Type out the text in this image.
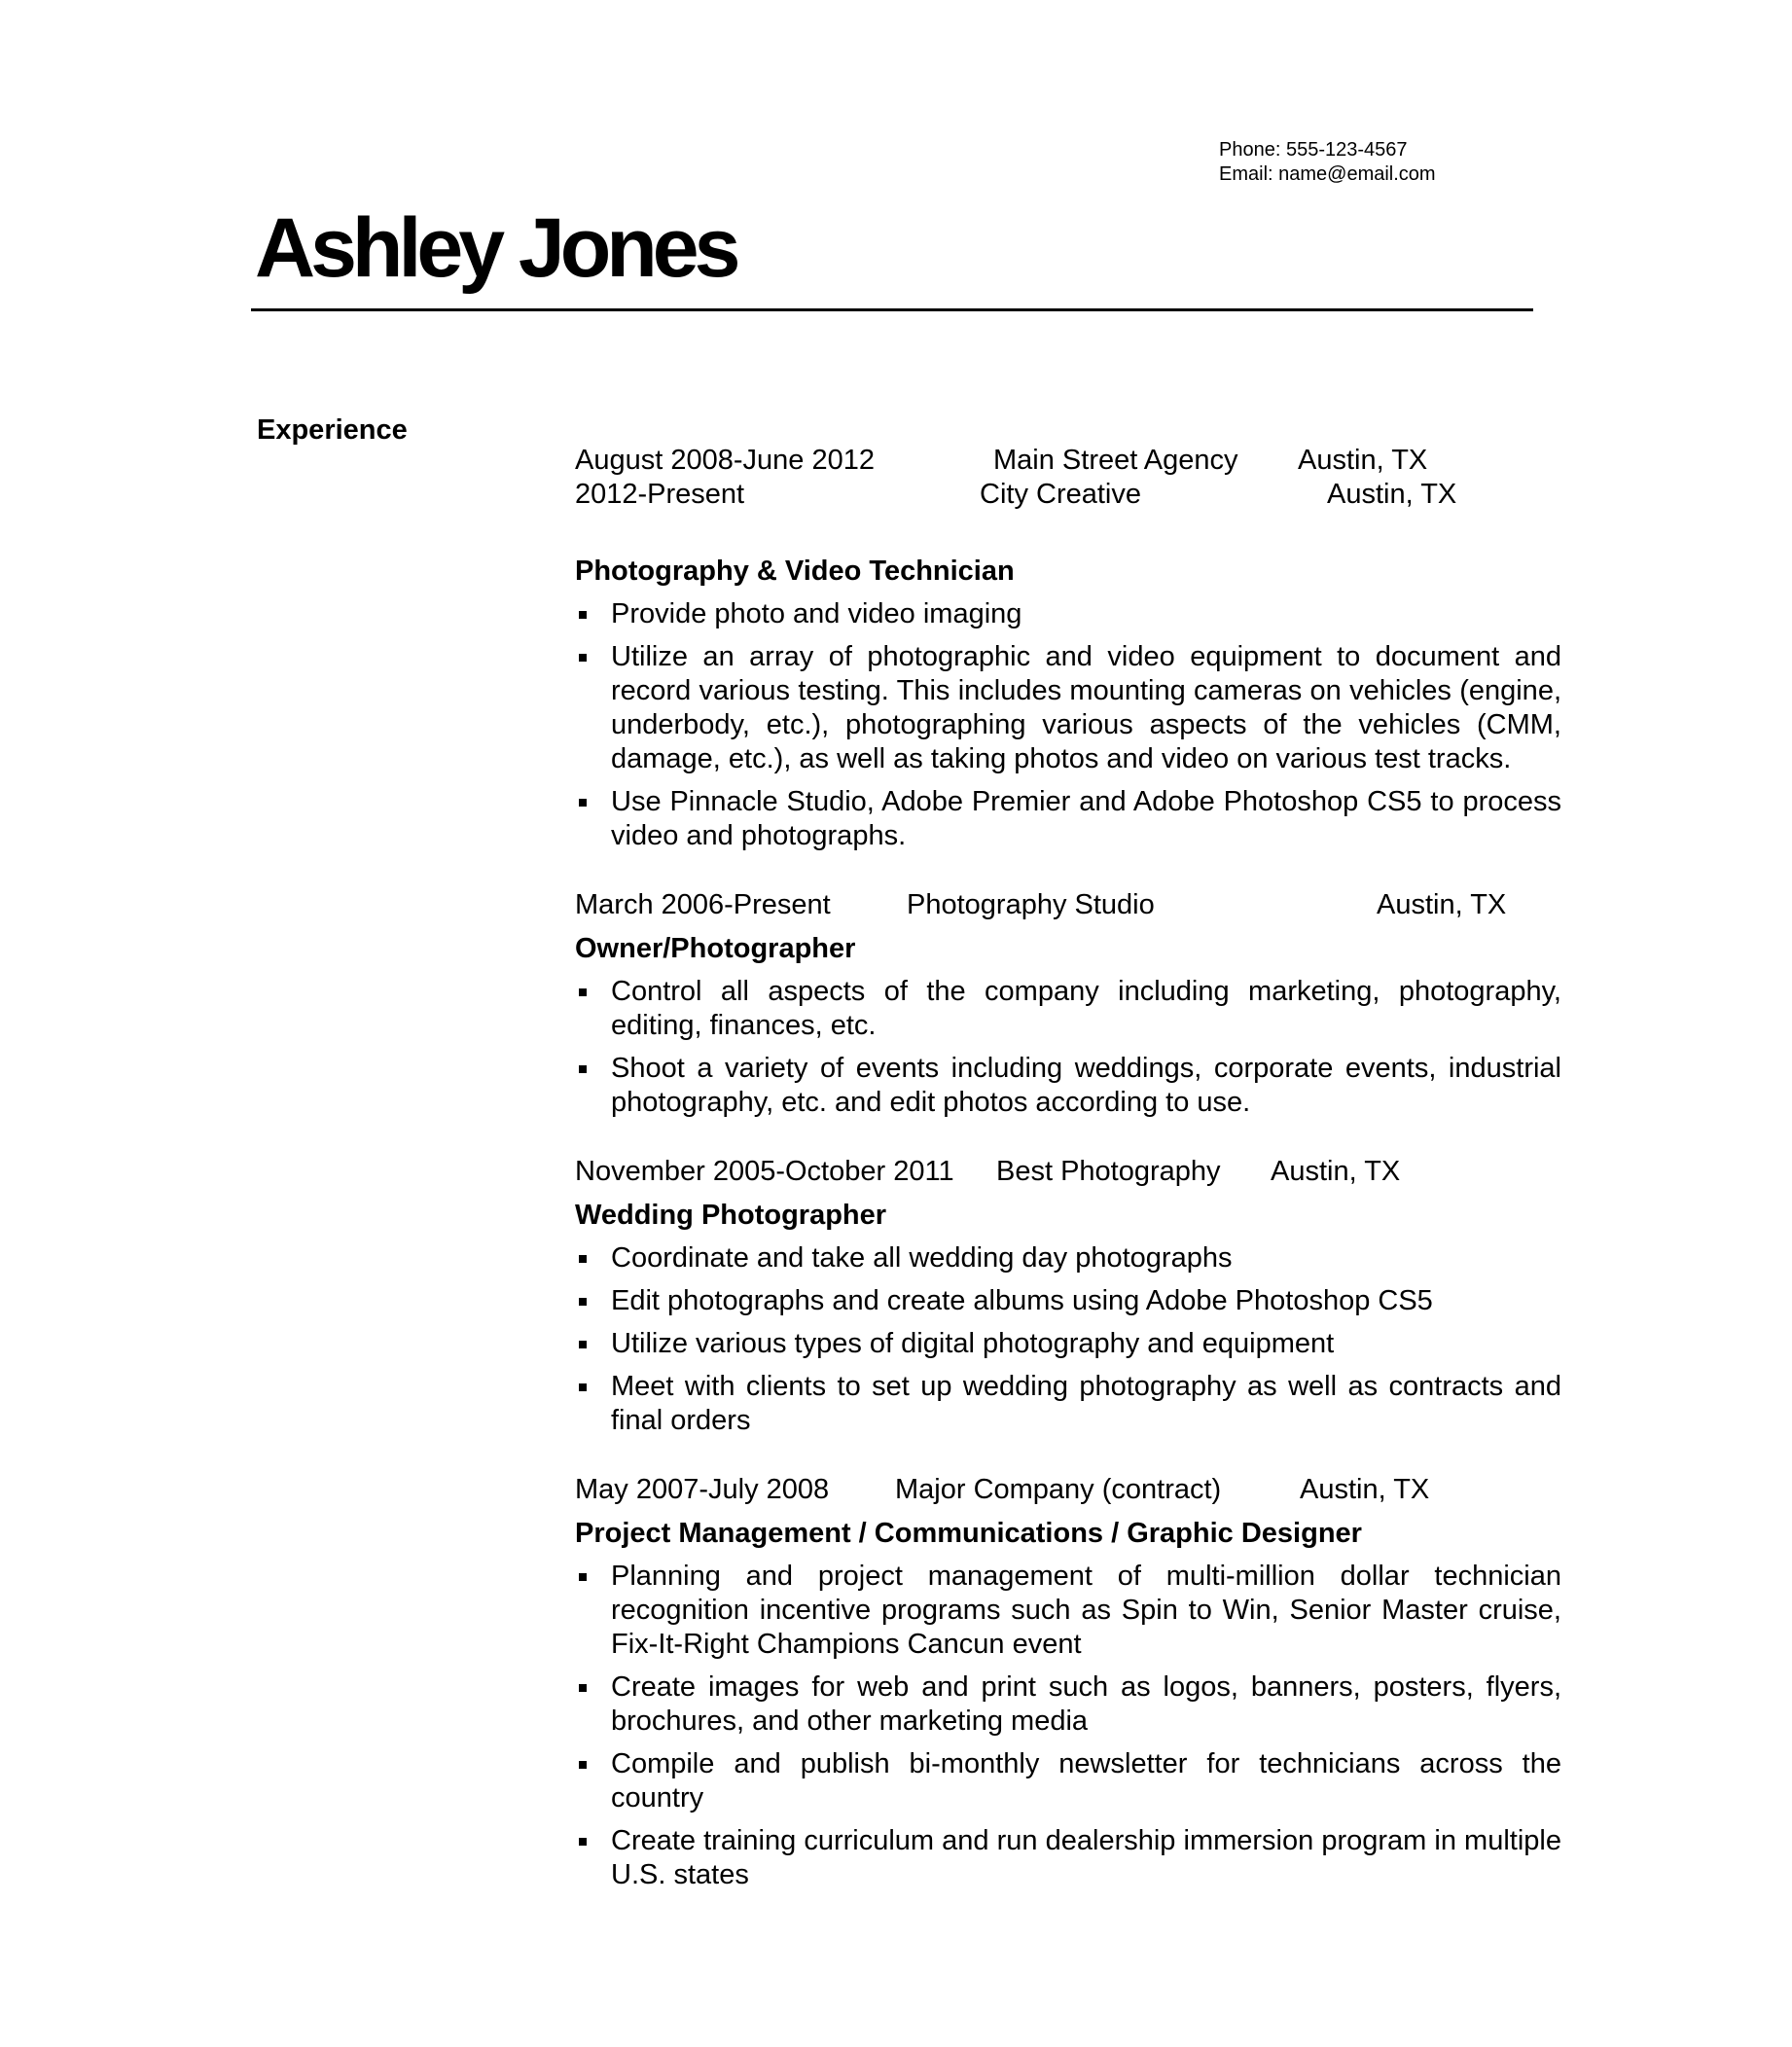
Phone: 555-123-4567
Email: name@email.com
Ashley Jones
Experience
August 2008-June 2012	Main Street Agency Austin, TX
2012-Present	City Creative	Austin, TX
Photography & Video Technician
Provide photo and video imaging
Utilize an array of photographic and video equipment to document and record various testing. This includes mounting cameras on vehicles (engine, underbody, etc.), photographing various aspects of the vehicles (CMM, damage, etc.), as well as taking photos and video on various test tracks.
Use Pinnacle Studio, Adobe Premier and Adobe Photoshop CS5 to process video and photographs.
March 2006-Present	Photography Studio	Austin, TX
Owner/Photographer
Control all aspects of the company including marketing, photography, editing, finances, etc.
Shoot a variety of events including weddings, corporate events, industrial photography, etc. and edit photos according to use.
November 2005-October 2011 Best Photography Austin, TX
Wedding Photographer
Coordinate and take all wedding day photographs
Edit photographs and create albums using Adobe Photoshop CS5
Utilize various types of digital photography and equipment
Meet with clients to set up wedding photography as well as contracts and final orders
May 2007-July 2008 Major Company (contract)	Austin, TX
Project Management / Communications / Graphic Designer
Planning and project management of multi-million dollar technician recognition incentive programs such as Spin to Win, Senior Master cruise, Fix-It-Right Champions Cancun event
Create images for web and print such as logos, banners, posters, flyers, brochures, and other marketing media
Compile and publish bi-monthly newsletter for technicians across the country
Create training curriculum and run dealership immersion program in multiple U.S. states
